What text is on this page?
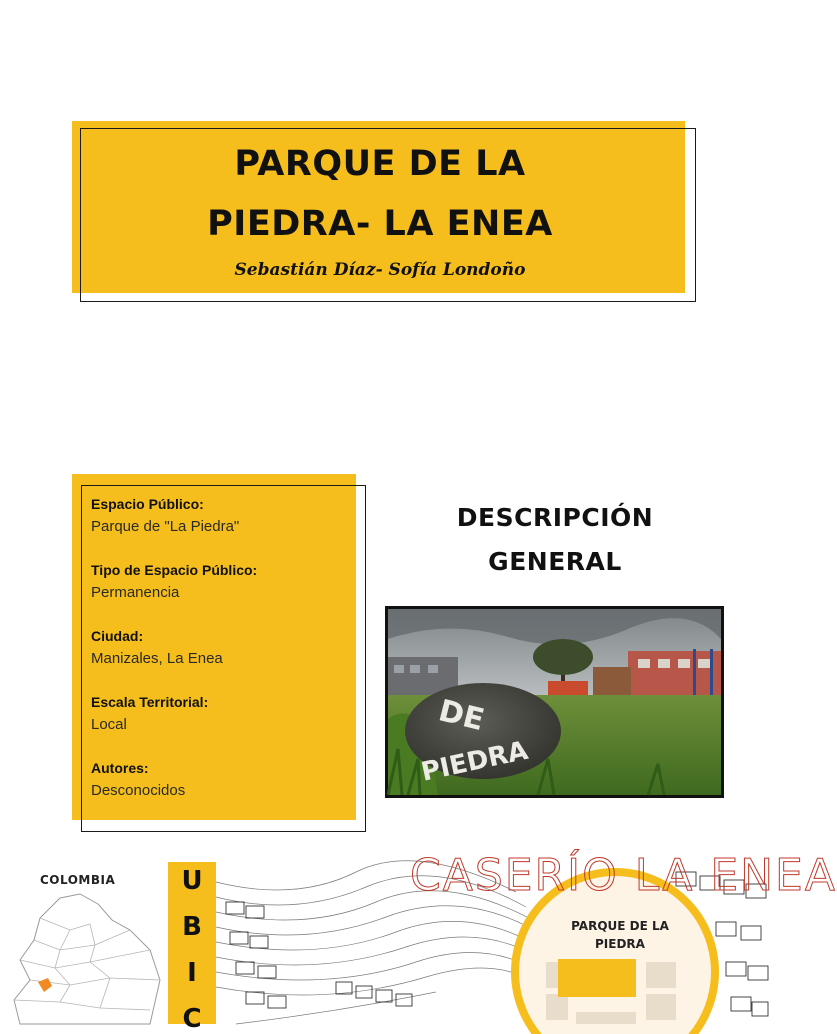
PARQUE DE LA
PIEDRA- LA ENEA
Sebastián Díaz- Sofía Londoño

Espacio Público:

Parque de "La Piedra"

Tipo de Espacio Público:

Permanencia

Ciudad:

Manizales, La Enea

Escala Territorial:

Local

Autores:

Desconocidos

DESCRIPCIÓN
GENERAL
DE
PIEDRA
COLOMBIA	U
B
I
C
CASERÍO LA ENEA
PARQUE DE LA
PIEDRA
